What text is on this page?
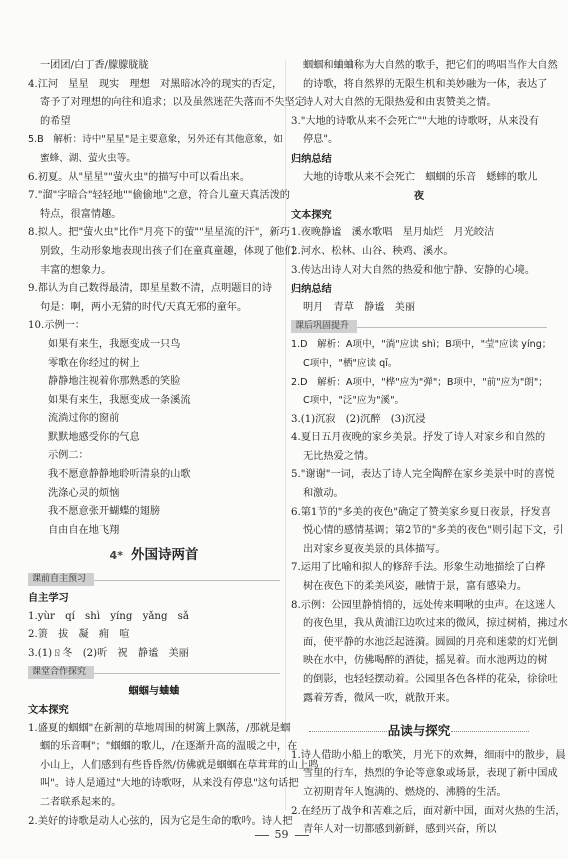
一团团/白丁香/朦朦胧胧
4.江河　星星　现实　理想　对黑暗冰冷的现实的否定，
寄予了对理想的向往和追求；以及虽然迷茫失落而不失坚定
的希望
5.B　解析：诗中"星星"是主要意象，另外还有其他意象，如
蜜蜂、湖、萤火虫等。
6.初夏。从"星星""萤火虫"的描写中可以看出来。
7."溜"字暗合"轻轻地""偷偷地"之意，符合儿童天真活泼的
特点，很富情趣。
8.拟人。把"萤火虫"比作"月亮下的萤""星星流的汗"，新巧
别致，生动形象地表现出孩子们在童真童趣，体现了他们
丰富的想象力。
9.都认为自己数得最清，即星星数不清，点明题目的诗
句是：啊，两小无猜的时代/天真无邪的童年。
10.示例一：
如果有来生，我愿变成一只鸟
零歌在你经过的树上
静静地注视着你那熟悉的笑脸
如果有来生，我愿变成一条溪流
流淌过你的窗前
默默地感受你的气息
示例二：
我不愿意静静地聆听清泉的山歌
洗涤心灵的烦恼
我不愿意张开蝴蝶的翅膀
自由自在地飞翔
4* 外国诗两首
课前自主预习
自主学习
1.yùr　qí　shì　yíng　yǎng　sǎ
2.箦　拔　凝　痈　喧
3.(1)ㄖ冬　(2)听　祝　静谧　美丽
课堂合作探究
蝈蝈与蛐蛐
文本探究
1.盛夏的蝈蝈"在新割的草地周围的树篱上飘荡，/那就是蝈
蝈的乐音啊"；"蝈蝈的歌儿，/在逐渐升高的温暖之中，在
小山上，人们感到有些昏昏然/仿佛就是蝈蝈在草茸茸的山上鸣
叫"。诗人是通过"大地的诗歌呀，从来没有停息"这句话把
二者联系起来的。
2.美好的诗歌是动人心弦的，因为它是生命的歌吟。诗人把
蝈蝈和蛐蛐称为大自然的歌手，把它们的鸣唱当作大自然
的诗歌，将自然界的无限生机和美妙融为一体，表达了
诗人对大自然的无限热爱和由衷赞美之情。
3."大地的诗歌从来不会死亡""大地的诗歌呀，从来没有
停息"。
归纳总结
大地的诗歌从来不会死亡　蝈蝈的乐音　蟋蟀的歌儿
夜
文本探究
1.夜晚静谧　溪水歌唱　星月灿烂　月光皎洁
2.河水、松林、山谷、秧鸡、溪水。
3.传达出诗人对大自然的热爱和他宁静、安静的心境。
归纳总结
明月　青草　静谧　美丽
课后巩固提升
1.D　解析：A项中，"淌"应读 shì；B项中，"莹"应读 yíng；
C项中，"栖"应读 qī。
2.D　解析：A项中，"桦"应为"弹"；B项中，"前"应为"朗"；
C项中，"泛"应为"溪"。
3.(1)沉寂　(2)沉醉　(3)沉浸
4.夏日五月夜晚的家乡美景。抒发了诗人对家乡和自然的
无比热爱之情。
5."谢谢"一词，表达了诗人完全陶醉在家乡美景中时的喜悦
和激动。
6.第1节的"多美的夜色"确定了赞美家乡夏日夜景，抒发喜
悦心情的感情基调；第2节的"多美的夜色"则引起下文，引
出对家乡夏夜美景的具体描写。
7.运用了比喻和拟人的修辞手法。形象生动地描绘了白桦
树在夜色下的柔美风姿，融情于景，富有感染力。
8.示例：公园里静悄悄的，远处传来啁啾的虫声。在这迷人
的夜色里，我从黄浦江边吹过来的微风，掠过树梢，拂过水
面，使平静的水池泛起涟漪。圆圆的月亮和迷蒙的灯光倒
映在水中，仿佛喝醉的酒徒，摇晃着。而水池两边的树
的倒影，也轻轻摆动着。公园里各色各样的花朵，徐徐吐
露着芳香，微风一吹，就散开来。
品读与探究
1.诗人借助小船上的歌笑，月光下的欢舞，细雨中的散步，晨
雪里的行车，热烈的争论等意象或场景，表现了新中国成
立初期青年人饱满的、燃烧的、沸腾的生活。
2.在经历了战争和苦难之后，面对新中国，面对火热的生活，
青年人对一切都感到新鲜，感到兴奋，所以
59
